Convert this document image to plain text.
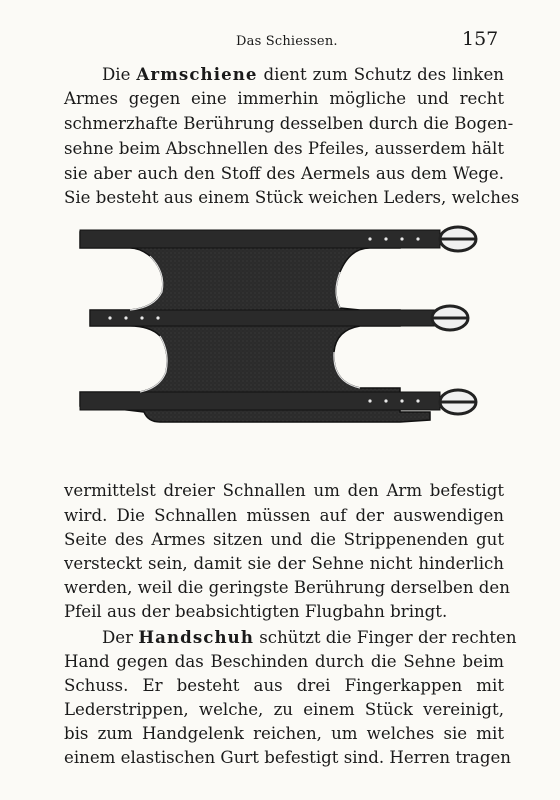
Das Schiessen.	157
Die Armschiene dient zum Schutz des linken
Armes gegen eine immerhin mögliche und recht
schmerzhafte Berührung desselben durch die Bogen-
sehne beim Abschnellen des Pfeiles, ausserdem hält
sie aber auch den Stoff des Aermels aus dem Wege.
Sie besteht aus einem Stück weichen Leders, welches
vermittelst dreier Schnallen um den Arm befestigt
wird. Die Schnallen müssen auf der auswendigen
Seite des Armes sitzen und die Strippenenden gut
versteckt sein, damit sie der Sehne nicht hinderlich
werden, weil die geringste Berührung derselben den
Pfeil aus der beabsichtigten Flugbahn bringt.
Der Handschuh schützt die Finger der rechten
Hand gegen das Beschinden durch die Sehne beim
Schuss. Er besteht aus drei Fingerkappen mit
Lederstrippen, welche, zu einem Stück vereinigt,
bis zum Handgelenk reichen, um welches sie mit
einem elastischen Gurt befestigt sind. Herren tragen
